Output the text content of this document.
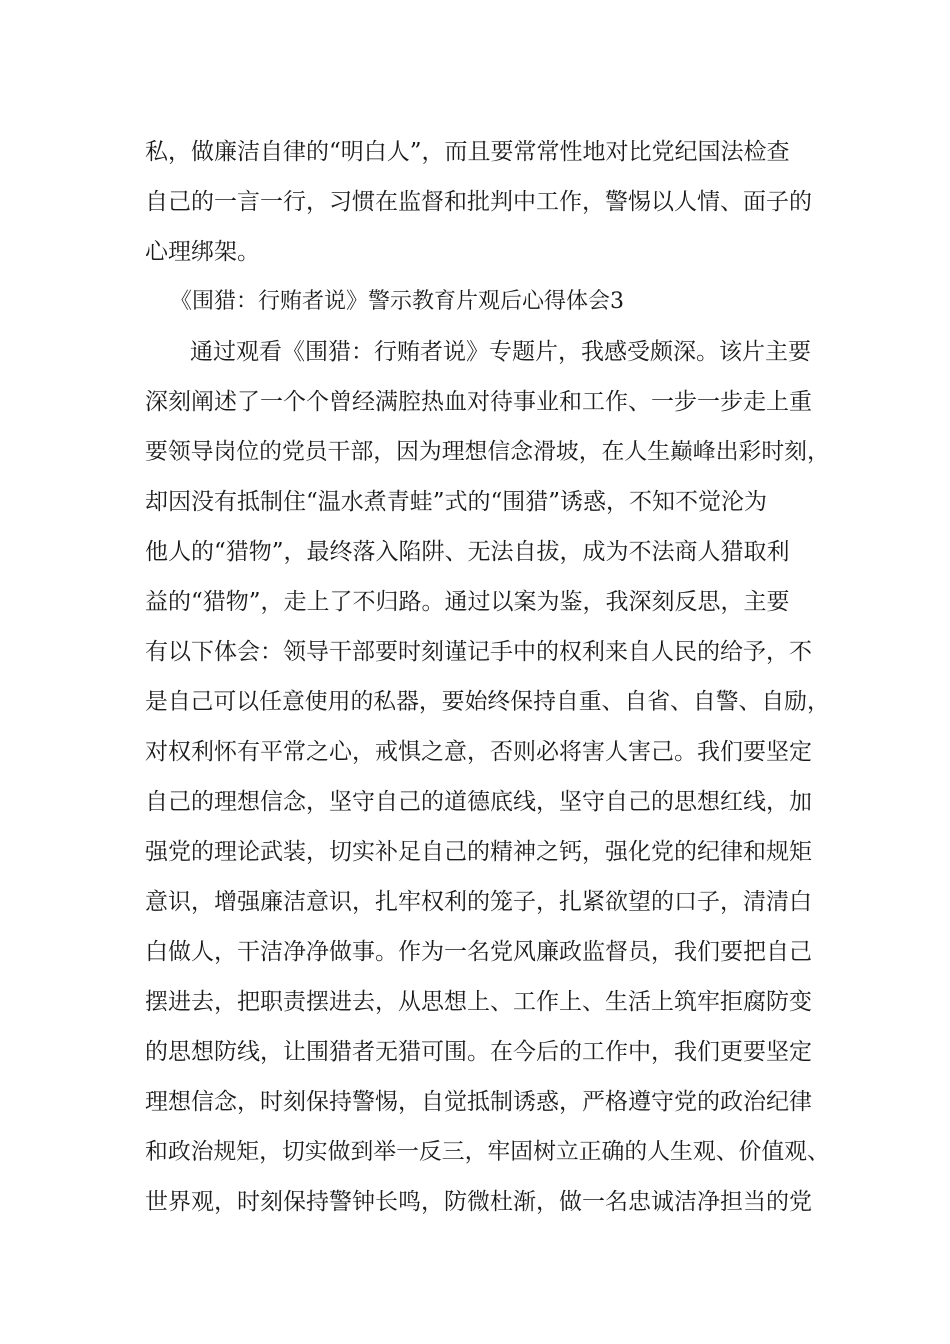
私，做廉洁自律的“明白人”，而且要常常性地对比党纪国法检查
自己的一言一行，习惯在监督和批判中工作，警惕以人情、面子的
心理绑架。
《围猎：行贿者说》警示教育片观后心得体会3
通过观看《围猎：行贿者说》专题片，我感受颇深。该片主要
深刻阐述了一个个曾经满腔热血对待事业和工作、一步一步走上重
要领导岗位的党员干部，因为理想信念滑坡，在人生巅峰出彩时刻，
却因没有抵制住“温水煮青蛙”式的“围猎”诱惑，不知不觉沦为
他人的“猎物”，最终落入陷阱、无法自拔，成为不法商人猎取利
益的“猎物”，走上了不归路。通过以案为鉴，我深刻反思，主要
有以下体会：领导干部要时刻谨记手中的权利来自人民的给予，不
是自己可以任意使用的私器，要始终保持自重、自省、自警、自励，
对权利怀有平常之心，戒惧之意，否则必将害人害己。我们要坚定
自己的理想信念，坚守自己的道德底线，坚守自己的思想红线，加
强党的理论武装，切实补足自己的精神之钙，强化党的纪律和规矩
意识，增强廉洁意识，扎牢权利的笼子，扎紧欲望的口子，清清白
白做人，干洁净净做事。作为一名党风廉政监督员，我们要把自己
摆进去，把职责摆进去，从思想上、工作上、生活上筑牢拒腐防变
的思想防线，让围猎者无猎可围。在今后的工作中，我们更要坚定
理想信念，时刻保持警惕，自觉抵制诱惑，严格遵守党的政治纪律
和政治规矩，切实做到举一反三，牢固树立正确的人生观、价值观、
世界观，时刻保持警钟长鸣，防微杜渐，做一名忠诚洁净担当的党
